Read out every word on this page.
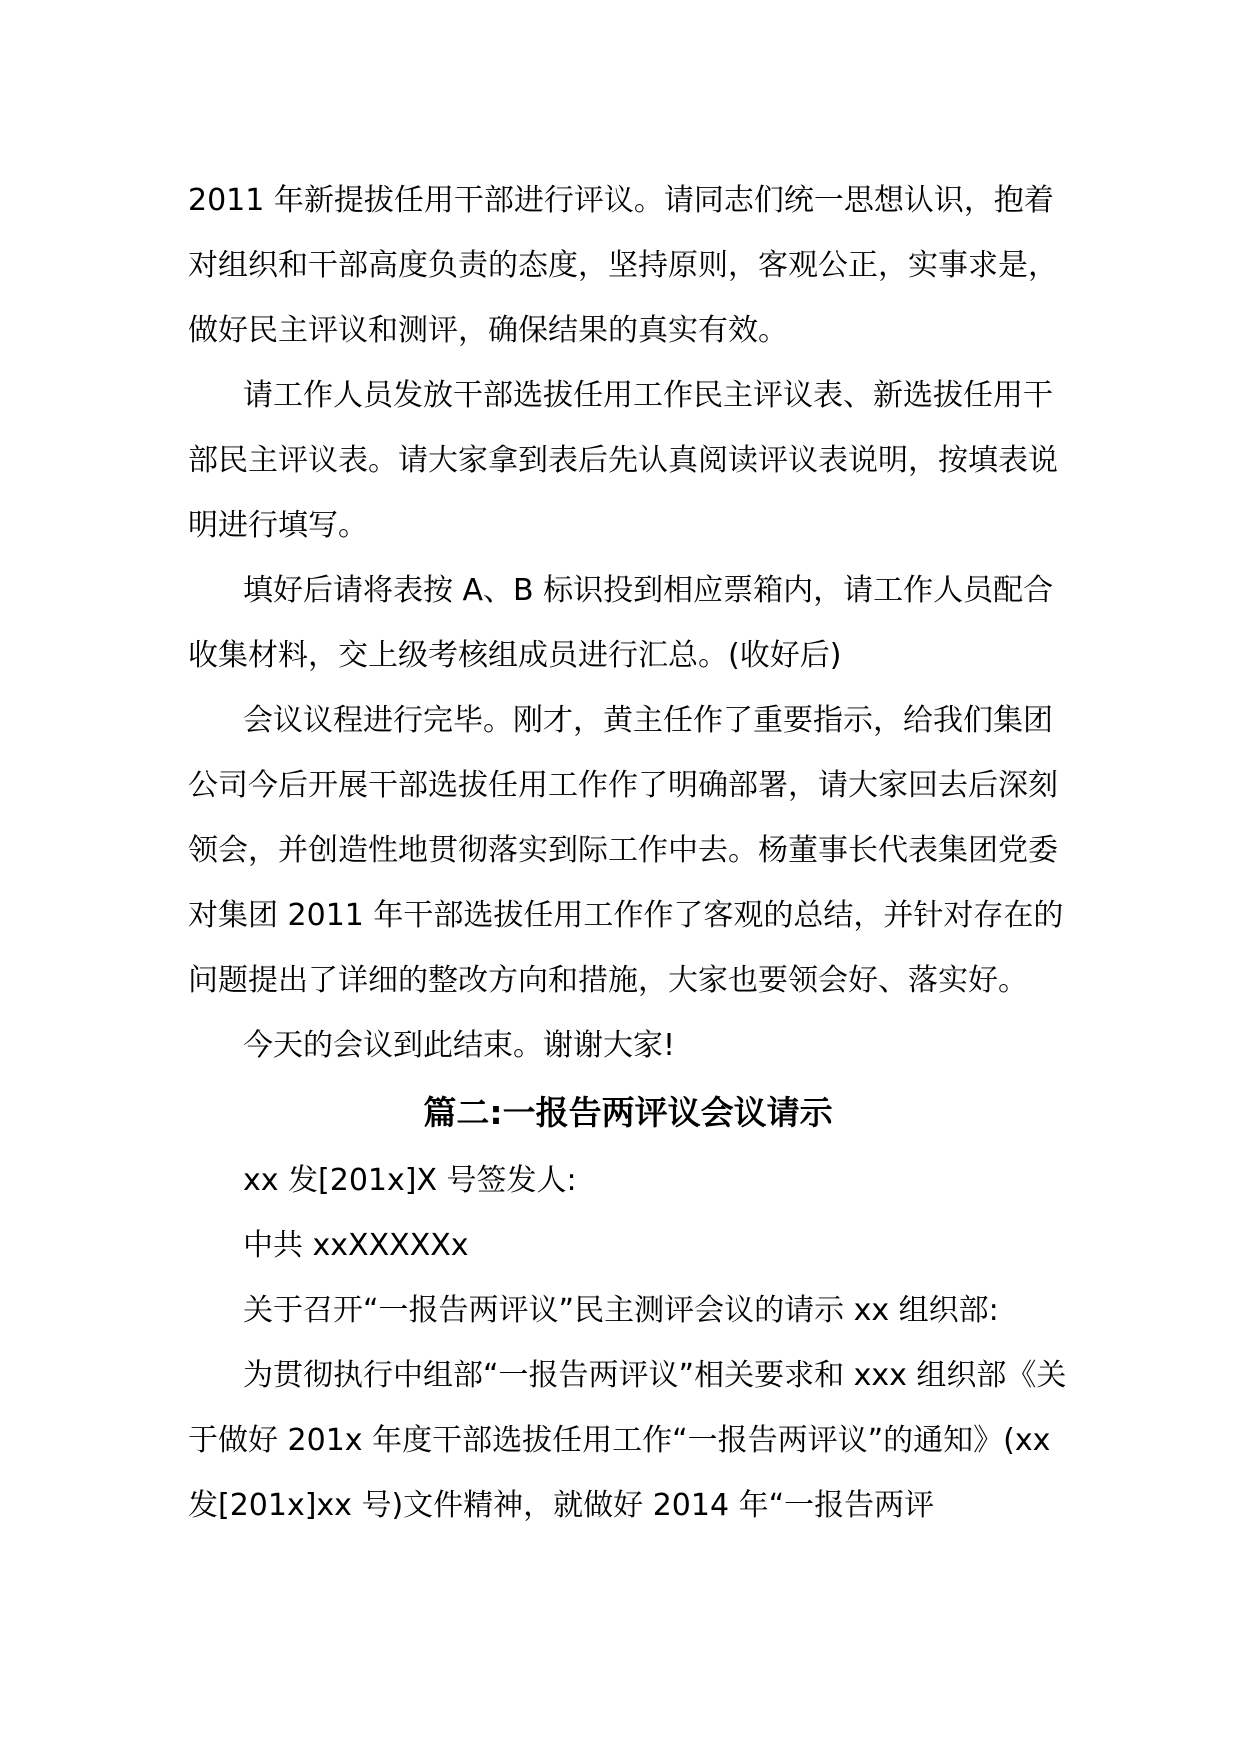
2011 年新提拔任用干部进行评议。请同志们统一思想认识，抱着对组织和干部高度负责的态度，坚持原则，客观公正，实事求是，做好民主评议和测评，确保结果的真实有效。

请工作人员发放干部选拔任用工作民主评议表、新选拔任用干部民主评议表。请大家拿到表后先认真阅读评议表说明，按填表说明进行填写。

填好后请将表按 A、B 标识投到相应票箱内，请工作人员配合收集材料，交上级考核组成员进行汇总。(收好后)

会议议程进行完毕。刚才，黄主任作了重要指示，给我们集团公司今后开展干部选拔任用工作作了明确部署，请大家回去后深刻领会，并创造性地贯彻落实到际工作中去。杨董事长代表集团党委对集团 2011 年干部选拔任用工作作了客观的总结，并针对存在的问题提出了详细的整改方向和措施，大家也要领会好、落实好。

今天的会议到此结束。谢谢大家!

篇二:一报告两评议会议请示

xx 发[201x]X 号签发人:

中共 xxXXXXXx

关于召开“一报告两评议”民主测评会议的请示 xx 组织部:

为贯彻执行中组部“一报告两评议”相关要求和 xxx 组织部《关于做好 201x 年度干部选拔任用工作“一报告两评议”的通知》(xx 发[201x]xx 号)文件精神，就做好 2014 年“一报告两评
